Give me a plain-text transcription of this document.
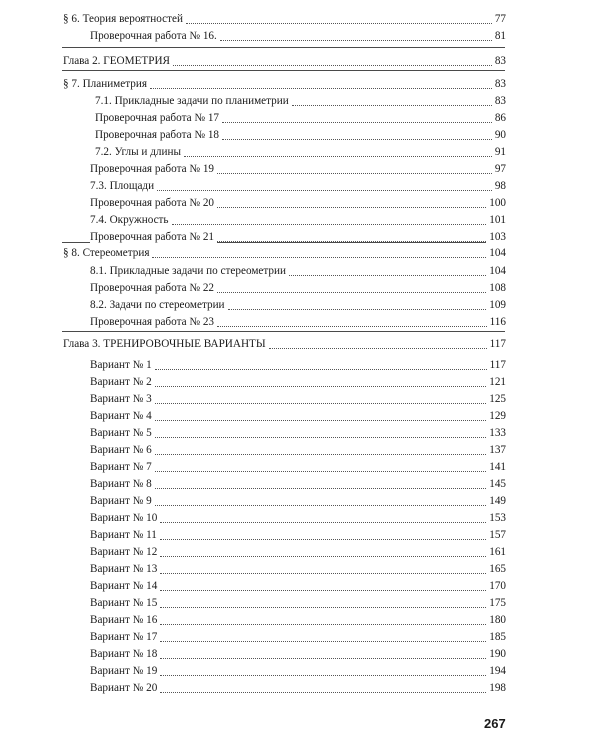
§ 6. Теория вероятностей	77
Проверочная работа № 16.	81
Глава 2. ГЕОМЕТРИЯ	83
§ 7. Планиметрия	83
7.1. Прикладные задачи по планиметрии	83
Проверочная работа № 17	86
Проверочная работа № 18	90
7.2. Углы и длины	91
Проверочная работа № 19	97
7.3. Площади	98
Проверочная работа № 20	100
7.4. Окружность	101
Проверочная работа № 21	103
§ 8. Стереометрия	104
8.1. Прикладные задачи по стереометрии	104
Проверочная работа № 22	108
8.2. Задачи по стереометрии	109
Проверочная работа № 23	116
Глава 3. ТРЕНИРОВОЧНЫЕ ВАРИАНТЫ	117
Вариант № 1	117
Вариант № 2	121
Вариант № 3	125
Вариант № 4	129
Вариант № 5	133
Вариант № 6	137
Вариант № 7	141
Вариант № 8	145
Вариант № 9	149
Вариант № 10	153
Вариант № 11	157
Вариант № 12	161
Вариант № 13	165
Вариант № 14	170
Вариант № 15	175
Вариант № 16	180
Вариант № 17	185
Вариант № 18	190
Вариант № 19	194
Вариант № 20	198
267
